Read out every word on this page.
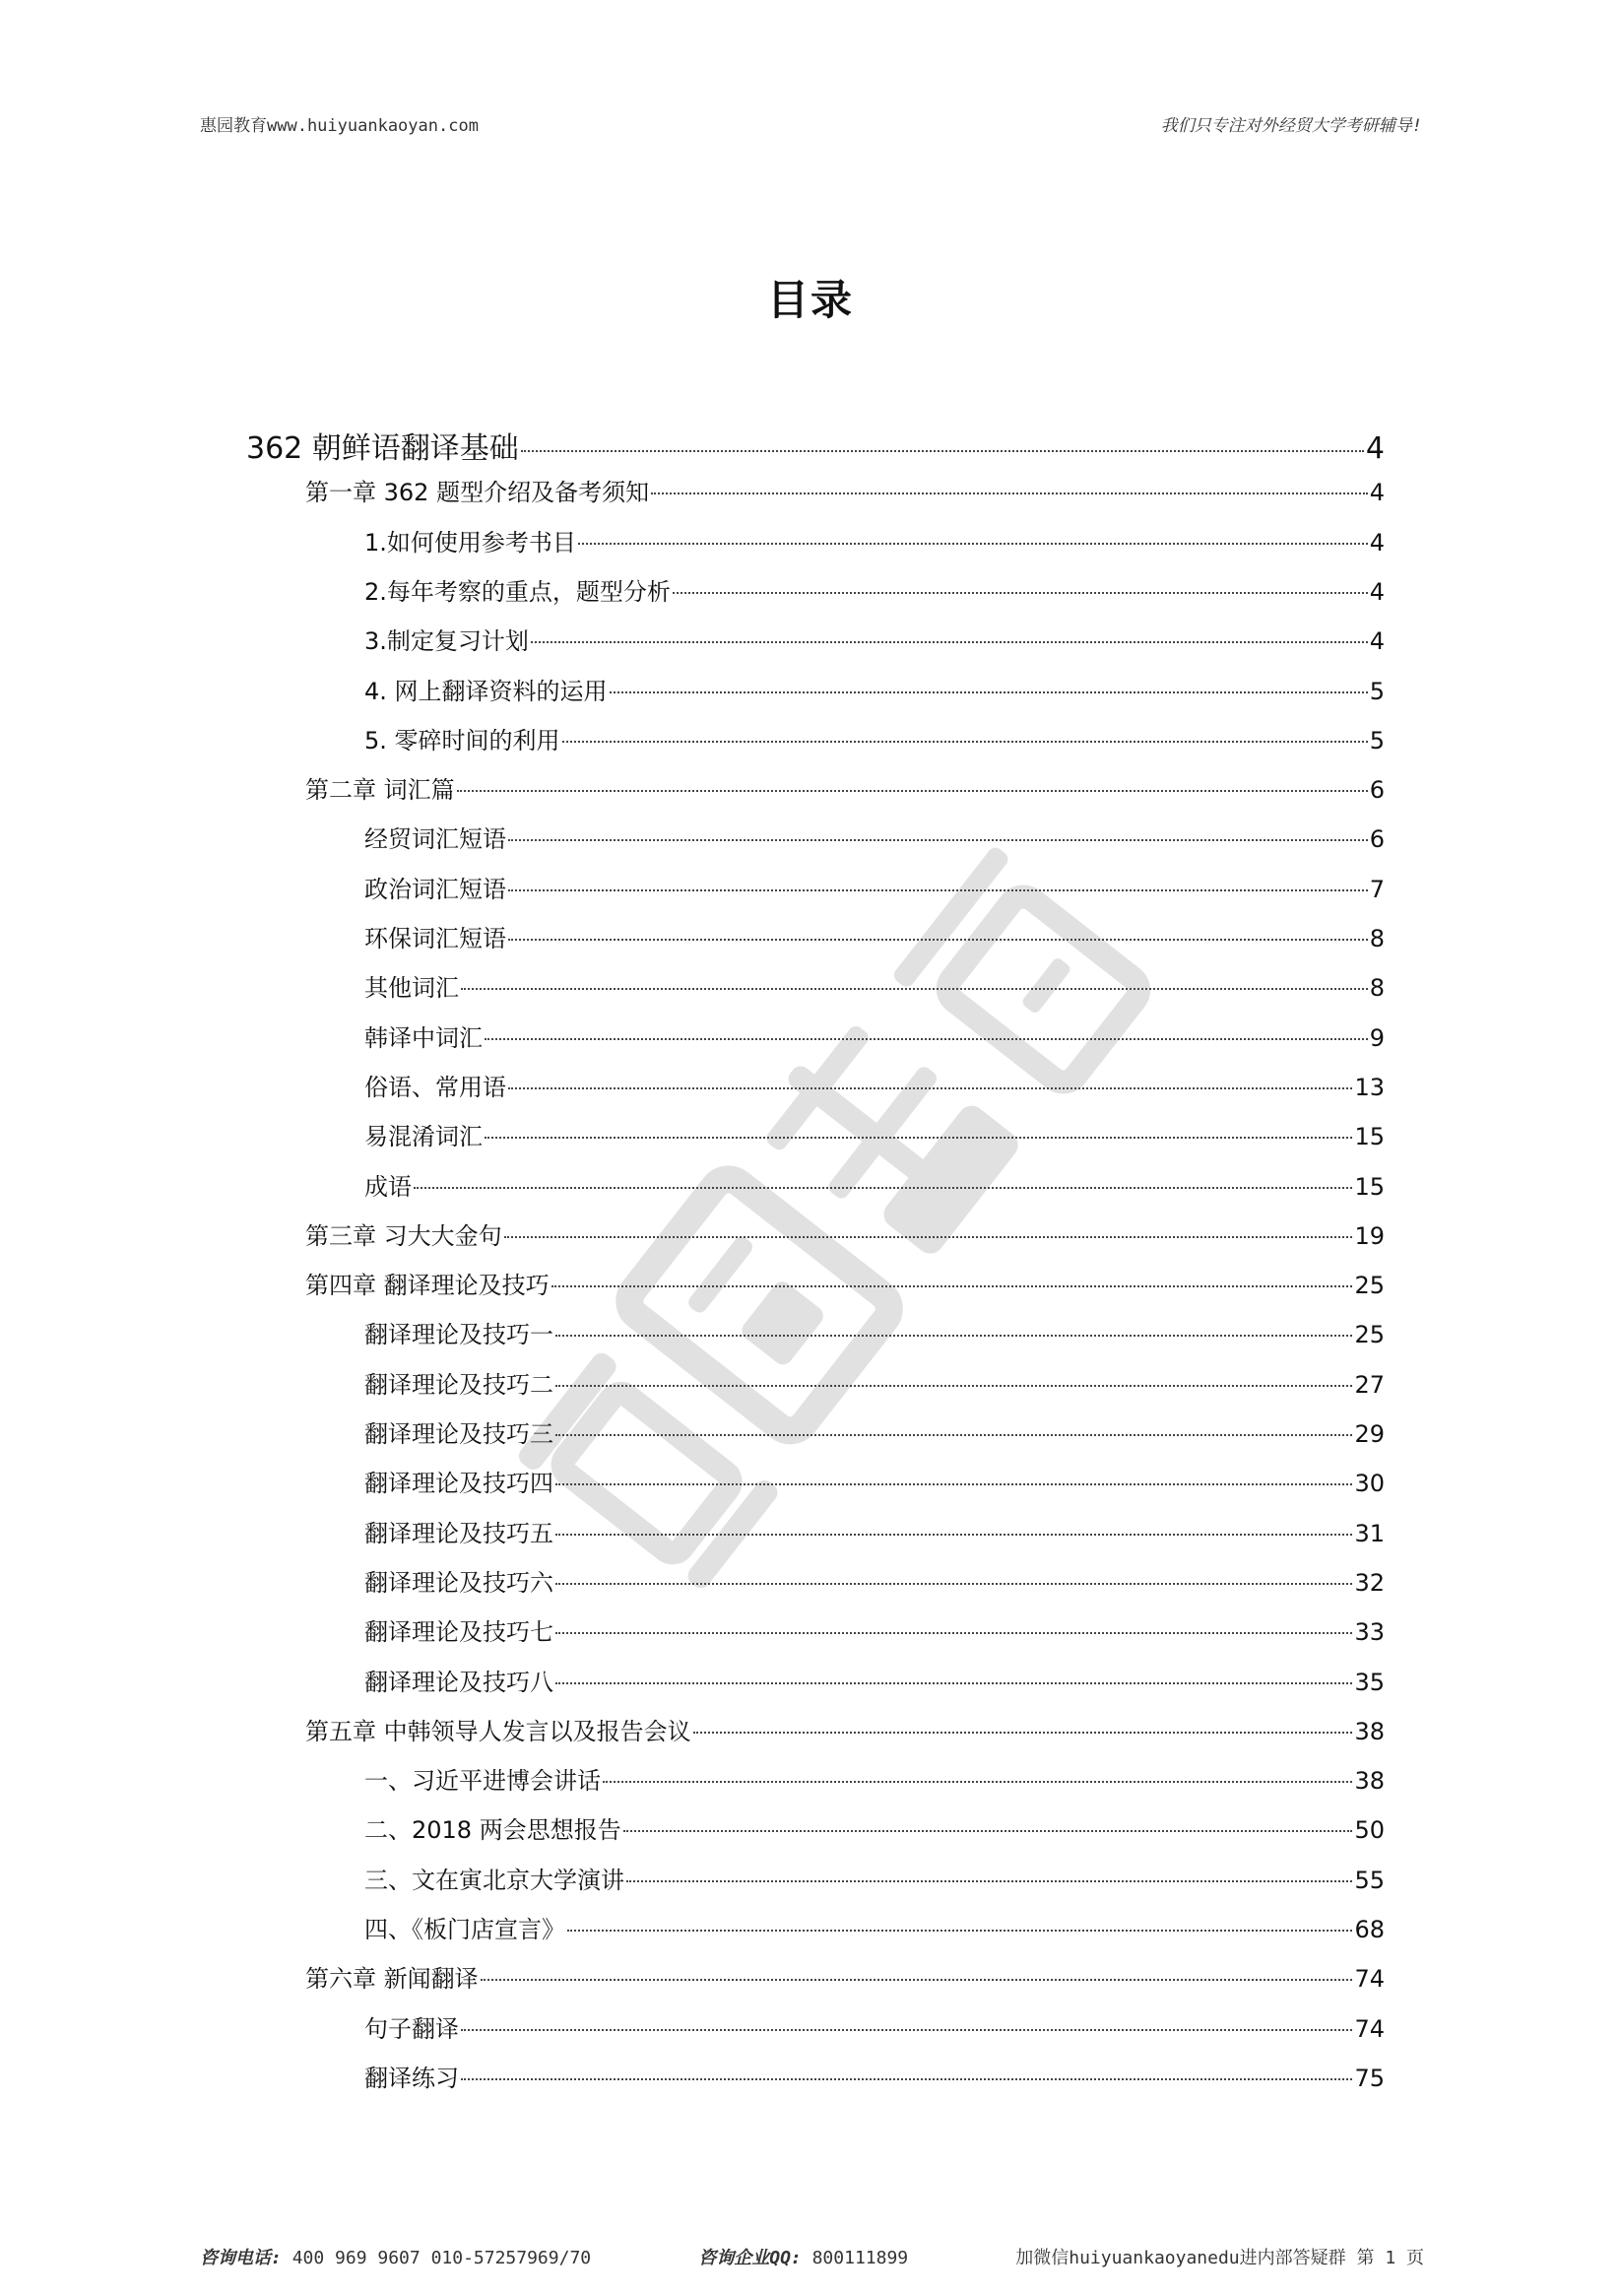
惠园教育www.huiyuankaoyan.com	我们只专注对外经贸大学考研辅导!
目录
362 朝鲜语翻译基础	4
第一章 362 题型介绍及备考须知	4
1.如何使用参考书目	4
2.每年考察的重点，题型分析	4
3.制定复习计划	4
4. 网上翻译资料的运用	5
5. 零碎时间的利用	5
第二章 词汇篇	6
经贸词汇短语	6
政治词汇短语	7
环保词汇短语	8
其他词汇	8
韩译中词汇	9
俗语、常用语	13
易混淆词汇	15
成语	15
第三章 习大大金句	19
第四章 翻译理论及技巧	25
翻译理论及技巧一	25
翻译理论及技巧二	27
翻译理论及技巧三	29
翻译理论及技巧四	30
翻译理论及技巧五	31
翻译理论及技巧六	32
翻译理论及技巧七	33
翻译理论及技巧八	35
第五章 中韩领导人发言以及报告会议	38
一、习近平进博会讲话	38
二、2018 两会思想报告	50
三、文在寅北京大学演讲	55
四、《板门店宣言》	68
第六章 新闻翻译	74
句子翻译	74
翻译练习	75
咨询电话: 400 969 9607 010-57257969/70	咨询企业QQ: 800111899	加微信huiyuankaoyanedu进内部答疑群 第 1 页
